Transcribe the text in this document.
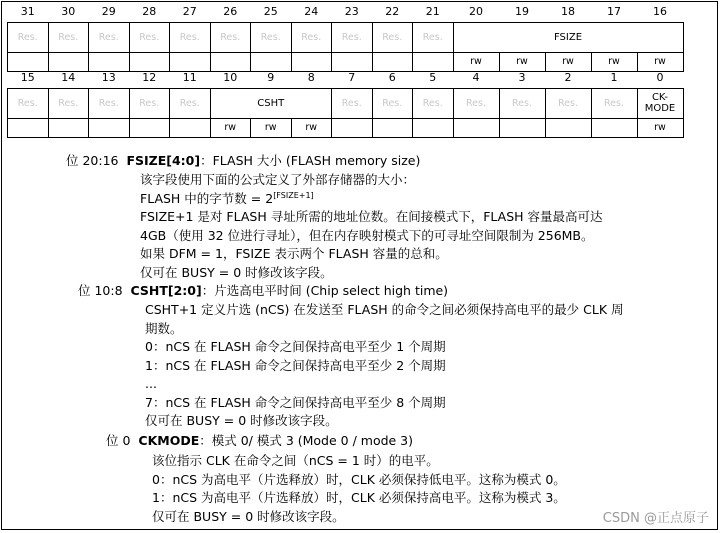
31	30	29	28	27	26	25	24	23	22	21	20	19	18	17	16
Res.	Res.	Res.	Res.	Res.	Res.	Res.	Res.	Res.	Res.	Res.	FSIZE				
											rw	rw	rw	rw	rw
15	14	13	12	11	10	9	8	7	6	5	4	3	2	1	0
Res.	Res.	Res.	Res.	Res.	CSHT			Res.	Res.	Res.	Res.	Res.	Res.	Res.	CK-
MODE
					rw	rw	rw								rw
位 20:16 FSIZE[4:0]：FLASH 大小 (FLASH memory size)
该字段使用下面的公式定义了外部存储器的大小：
FLASH 中的字节数 = 2[FSIZE+1]
FSIZE+1 是对 FLASH 寻址所需的地址位数。在间接模式下，FLASH 容量最高可达
4GB（使用 32 位进行寻址），但在内存映射模式下的可寻址空间限制为 256MB。
如果 DFM = 1，FSIZE 表示两个 FLASH 容量的总和。
仅可在 BUSY = 0 时修改该字段。
位 10:8 CSHT[2:0]：片选高电平时间 (Chip select high time)
CSHT+1 定义片选 (nCS) 在发送至 FLASH 的命令之间必须保持高电平的最少 CLK 周
期数。
0：nCS 在 FLASH 命令之间保持高电平至少 1 个周期
1：nCS 在 FLASH 命令之间保持高电平至少 2 个周期
...
7：nCS 在 FLASH 命令之间保持高电平至少 8 个周期
仅可在 BUSY = 0 时修改该字段。
位 0 CKMODE：模式 0/ 模式 3 (Mode 0 / mode 3)
该位指示 CLK 在命令之间（nCS = 1 时）的电平。
0：nCS 为高电平（片选释放）时，CLK 必须保持低电平。这称为模式 0。
1：nCS 为高电平（片选释放）时，CLK 必须保持高电平。这称为模式 3。
仅可在 BUSY = 0 时修改该字段。	CSDN @正点原子
